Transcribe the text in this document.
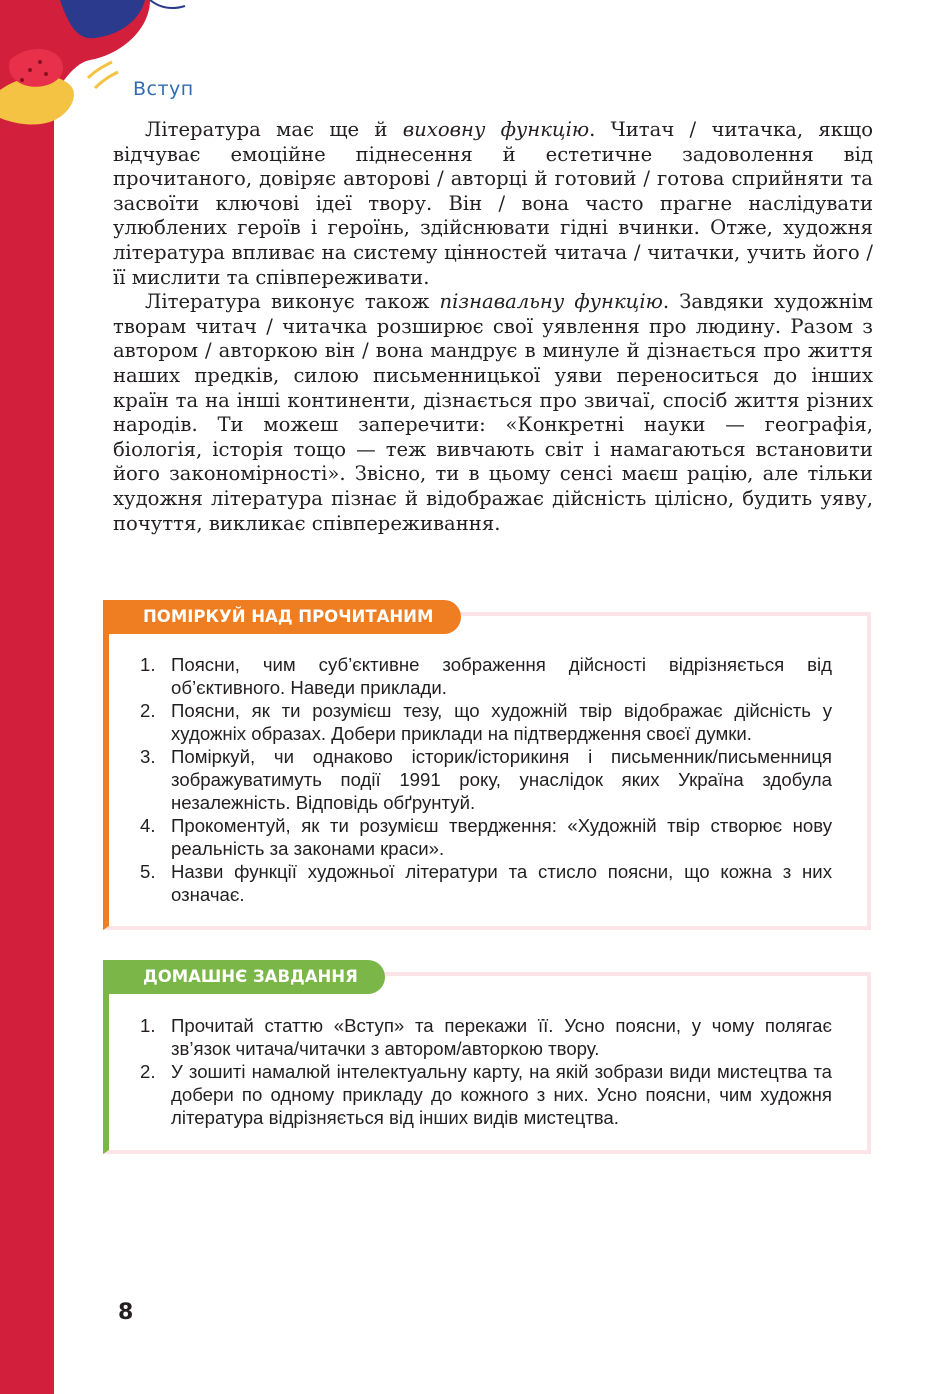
Вступ

Література має ще й виховну функцію. Читач / читачка, якщо відчуває емоційне піднесення й естетичне задоволення від прочитаного, довіряє авторові / авторці й готовий / готова сприйняти та засвоїти ключові ідеї твору. Він / вона часто прагне наслідувати улюблених героїв і героїнь, здійснювати гідні вчинки. Отже, художня література впливає на систему цінностей читача / читачки, учить його / її мислити та співпереживати.

Література виконує також пізнавальну функцію. Завдяки художнім творам читач / читачка розширює свої уявлення про людину. Разом з автором / авторкою він / вона мандрує в минуле й дізнається про життя наших предків, силою письменницької уяви переноситься до інших країн та на інші континенти, дізнається про звичаї, спосіб життя різних народів. Ти можеш заперечити: «Конкретні науки — географія, біологія, історія тощо — теж вивчають світ і намагаються встановити його закономірності». Звісно, ти в цьому сенсі маєш рацію, але тільки художня література пізнає й відображає дійсність цілісно, будить уяву, почуття, викликає співпереживання.

ПОМІРКУЙ НАД ПРОЧИТАНИМ
1. Поясни, чим суб’єктивне зображення дійсності відрізняється від об’єктивного. Наведи приклади.
2. Поясни, як ти розумієш тезу, що художній твір відображає дійсність у художніх образах. Добери приклади на підтвердження своєї думки.
3. Поміркуй, чи однаково історик/історикиня і письменник/письменниця зображуватимуть події 1991 року, унаслідок яких Україна здобула незалежність. Відповідь обґрунтуй.
4. Прокоментуй, як ти розумієш твердження: «Художній твір створює нову реальність за законами краси».
5. Назви функції художньої літератури та стисло поясни, що кожна з них означає.
ДОМАШНЄ ЗАВДАННЯ
1. Прочитай статтю «Вступ» та перекажи її. Усно поясни, у чому полягає зв’язок читача/читачки з автором/авторкою твору.
2. У зошиті намалюй інтелектуальну карту, на якій зобрази види мистецтва та добери по одному прикладу до кожного з них. Усно поясни, чим художня література відрізняється від інших видів мистецтва.
8
